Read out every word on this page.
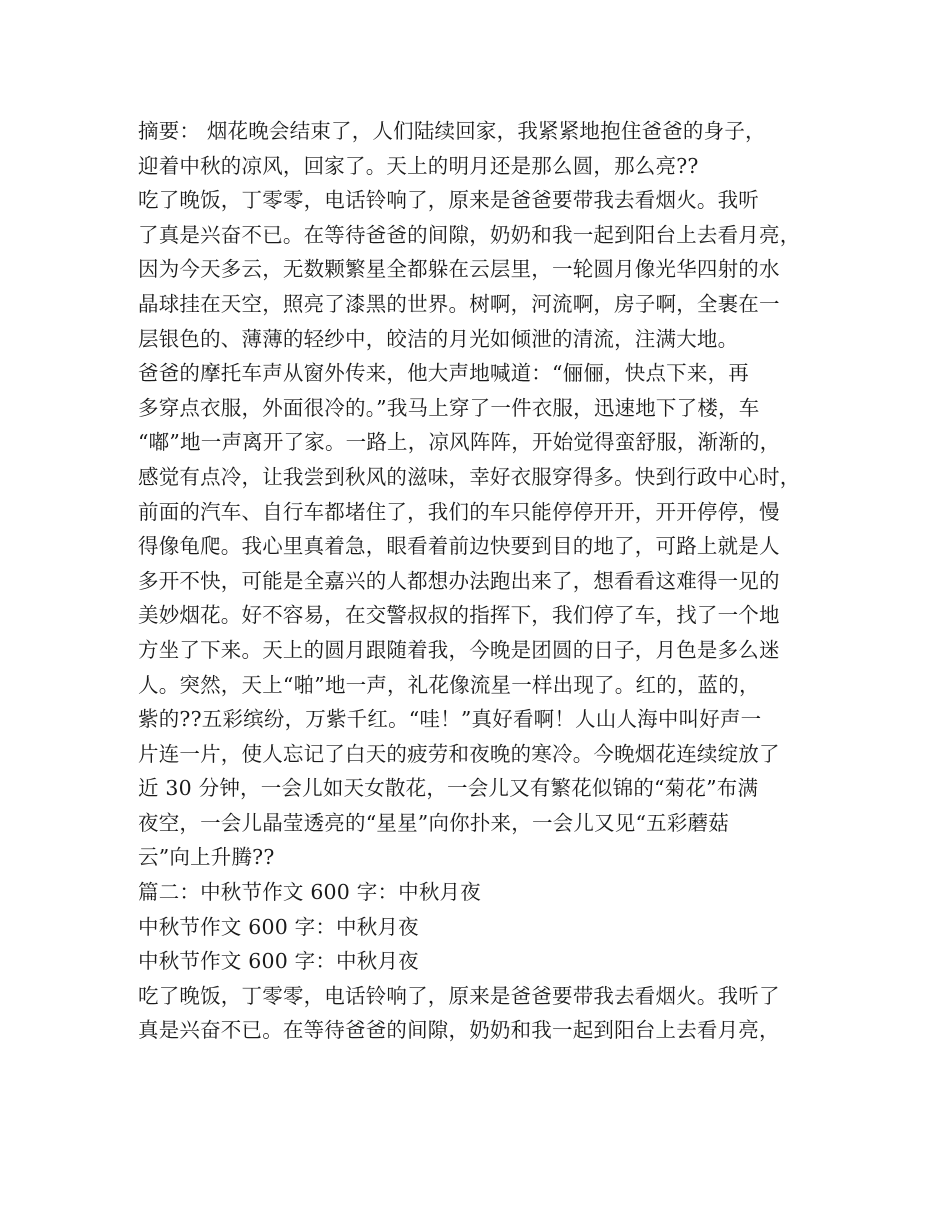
摘要： 烟花晚会结束了，人们陆续回家，我紧紧地抱住爸爸的身子，
迎着中秋的凉风，回家了。天上的明月还是那么圆，那么亮??
吃了晚饭，丁零零，电话铃响了，原来是爸爸要带我去看烟火。我听
了真是兴奋不已。在等待爸爸的间隙，奶奶和我一起到阳台上去看月亮，
因为今天多云，无数颗繁星全都躲在云层里，一轮圆月像光华四射的水
晶球挂在天空，照亮了漆黑的世界。树啊，河流啊，房子啊，全裹在一
层银色的、薄薄的轻纱中，皎洁的月光如倾泄的清流，注满大地。
爸爸的摩托车声从窗外传来，他大声地喊道：“俪俪，快点下来，再
多穿点衣服，外面很冷的。”我马上穿了一件衣服，迅速地下了楼，车
“嘟”地一声离开了家。一路上，凉风阵阵，开始觉得蛮舒服，渐渐的，
感觉有点冷，让我尝到秋风的滋味，幸好衣服穿得多。快到行政中心时，
前面的汽车、自行车都堵住了，我们的车只能停停开开，开开停停，慢
得像龟爬。我心里真着急，眼看着前边快要到目的地了，可路上就是人
多开不快，可能是全嘉兴的人都想办法跑出来了，想看看这难得一见的
美妙烟花。好不容易，在交警叔叔的指挥下，我们停了车，找了一个地
方坐了下来。天上的圆月跟随着我，今晚是团圆的日子，月色是多么迷
人。突然，天上“啪”地一声，礼花像流星一样出现了。红的，蓝的，
紫的??五彩缤纷，万紫千红。“哇！”真好看啊！人山人海中叫好声一
片连一片，使人忘记了白天的疲劳和夜晚的寒冷。今晚烟花连续绽放了
近 30 分钟，一会儿如天女散花，一会儿又有繁花似锦的“菊花”布满
夜空，一会儿晶莹透亮的“星星”向你扑来，一会儿又见“五彩蘑菇
云”向上升腾??
篇二：中秋节作文 600 字：中秋月夜
中秋节作文 600 字：中秋月夜
中秋节作文 600 字：中秋月夜
吃了晚饭，丁零零，电话铃响了，原来是爸爸要带我去看烟火。我听了
真是兴奋不已。在等待爸爸的间隙，奶奶和我一起到阳台上去看月亮，
